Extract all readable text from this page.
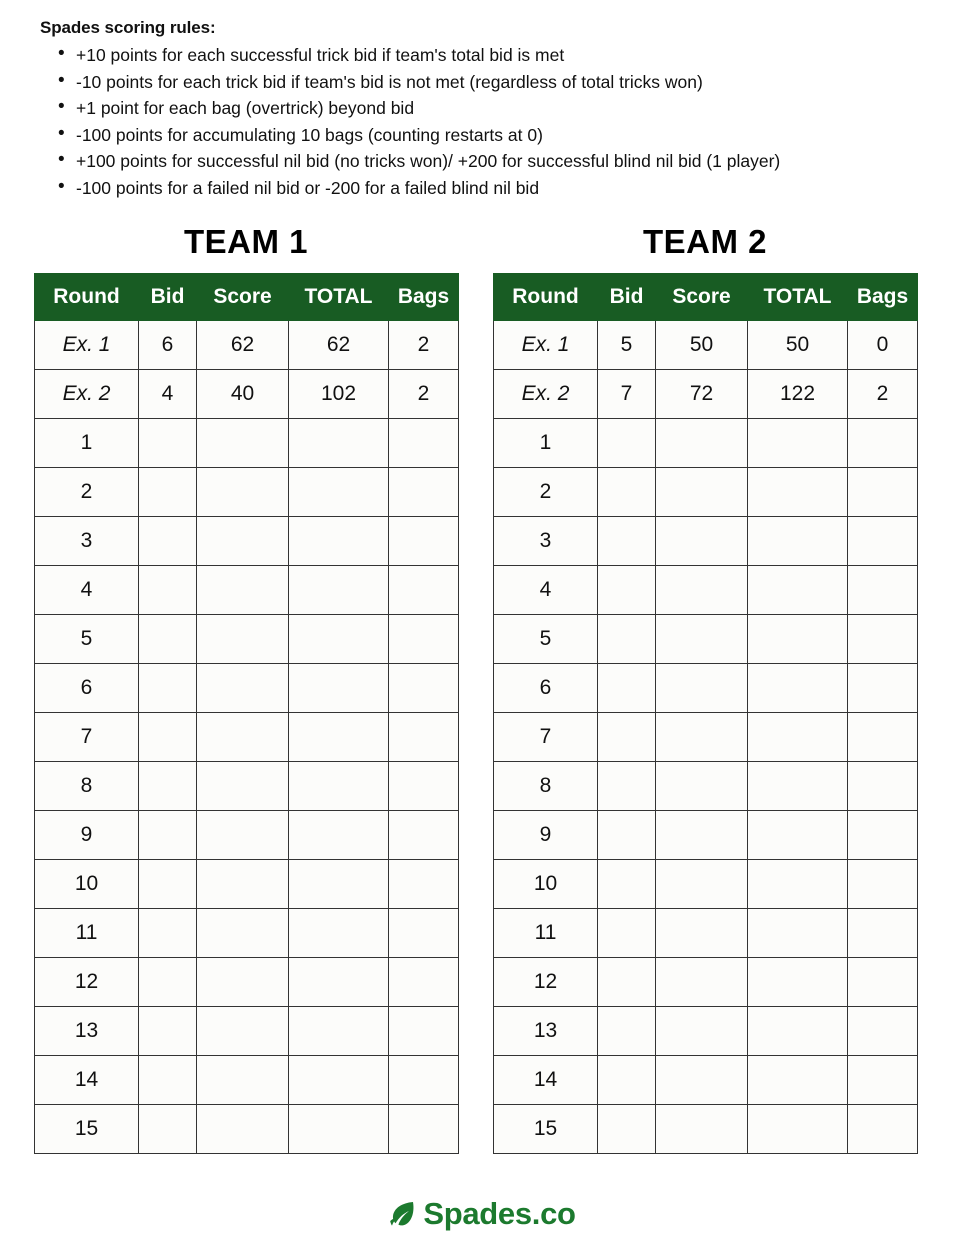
Spades scoring rules:
• +10 points for each successful trick bid if team's total bid is met
• -10 points for each trick bid if team's bid is not met (regardless of total tricks won)
• +1 point for each bag (overtrick) beyond bid
• -100 points for accumulating 10 bags (counting restarts at 0)
• +100 points for successful nil bid (no tricks won)/ +200 for successful blind nil bid (1 player)
• -100 points for a failed nil bid or -200 for a failed blind nil bid
TEAM 1
Round	Bid	Score	TOTAL	Bags
Ex. 1	6	62	62	2
Ex. 2	4	40	102	2
1				
2				
3				
4				
5				
6				
7				
8				
9				
10				
11				
12				
13				
14				
15				
TEAM 2
Round	Bid	Score	TOTAL	Bags
Ex. 1	5	50	50	0
Ex. 2	7	72	122	2
1				
2				
3				
4				
5				
6				
7				
8				
9				
10				
11				
12				
13				
14				
15				
Spades.co
